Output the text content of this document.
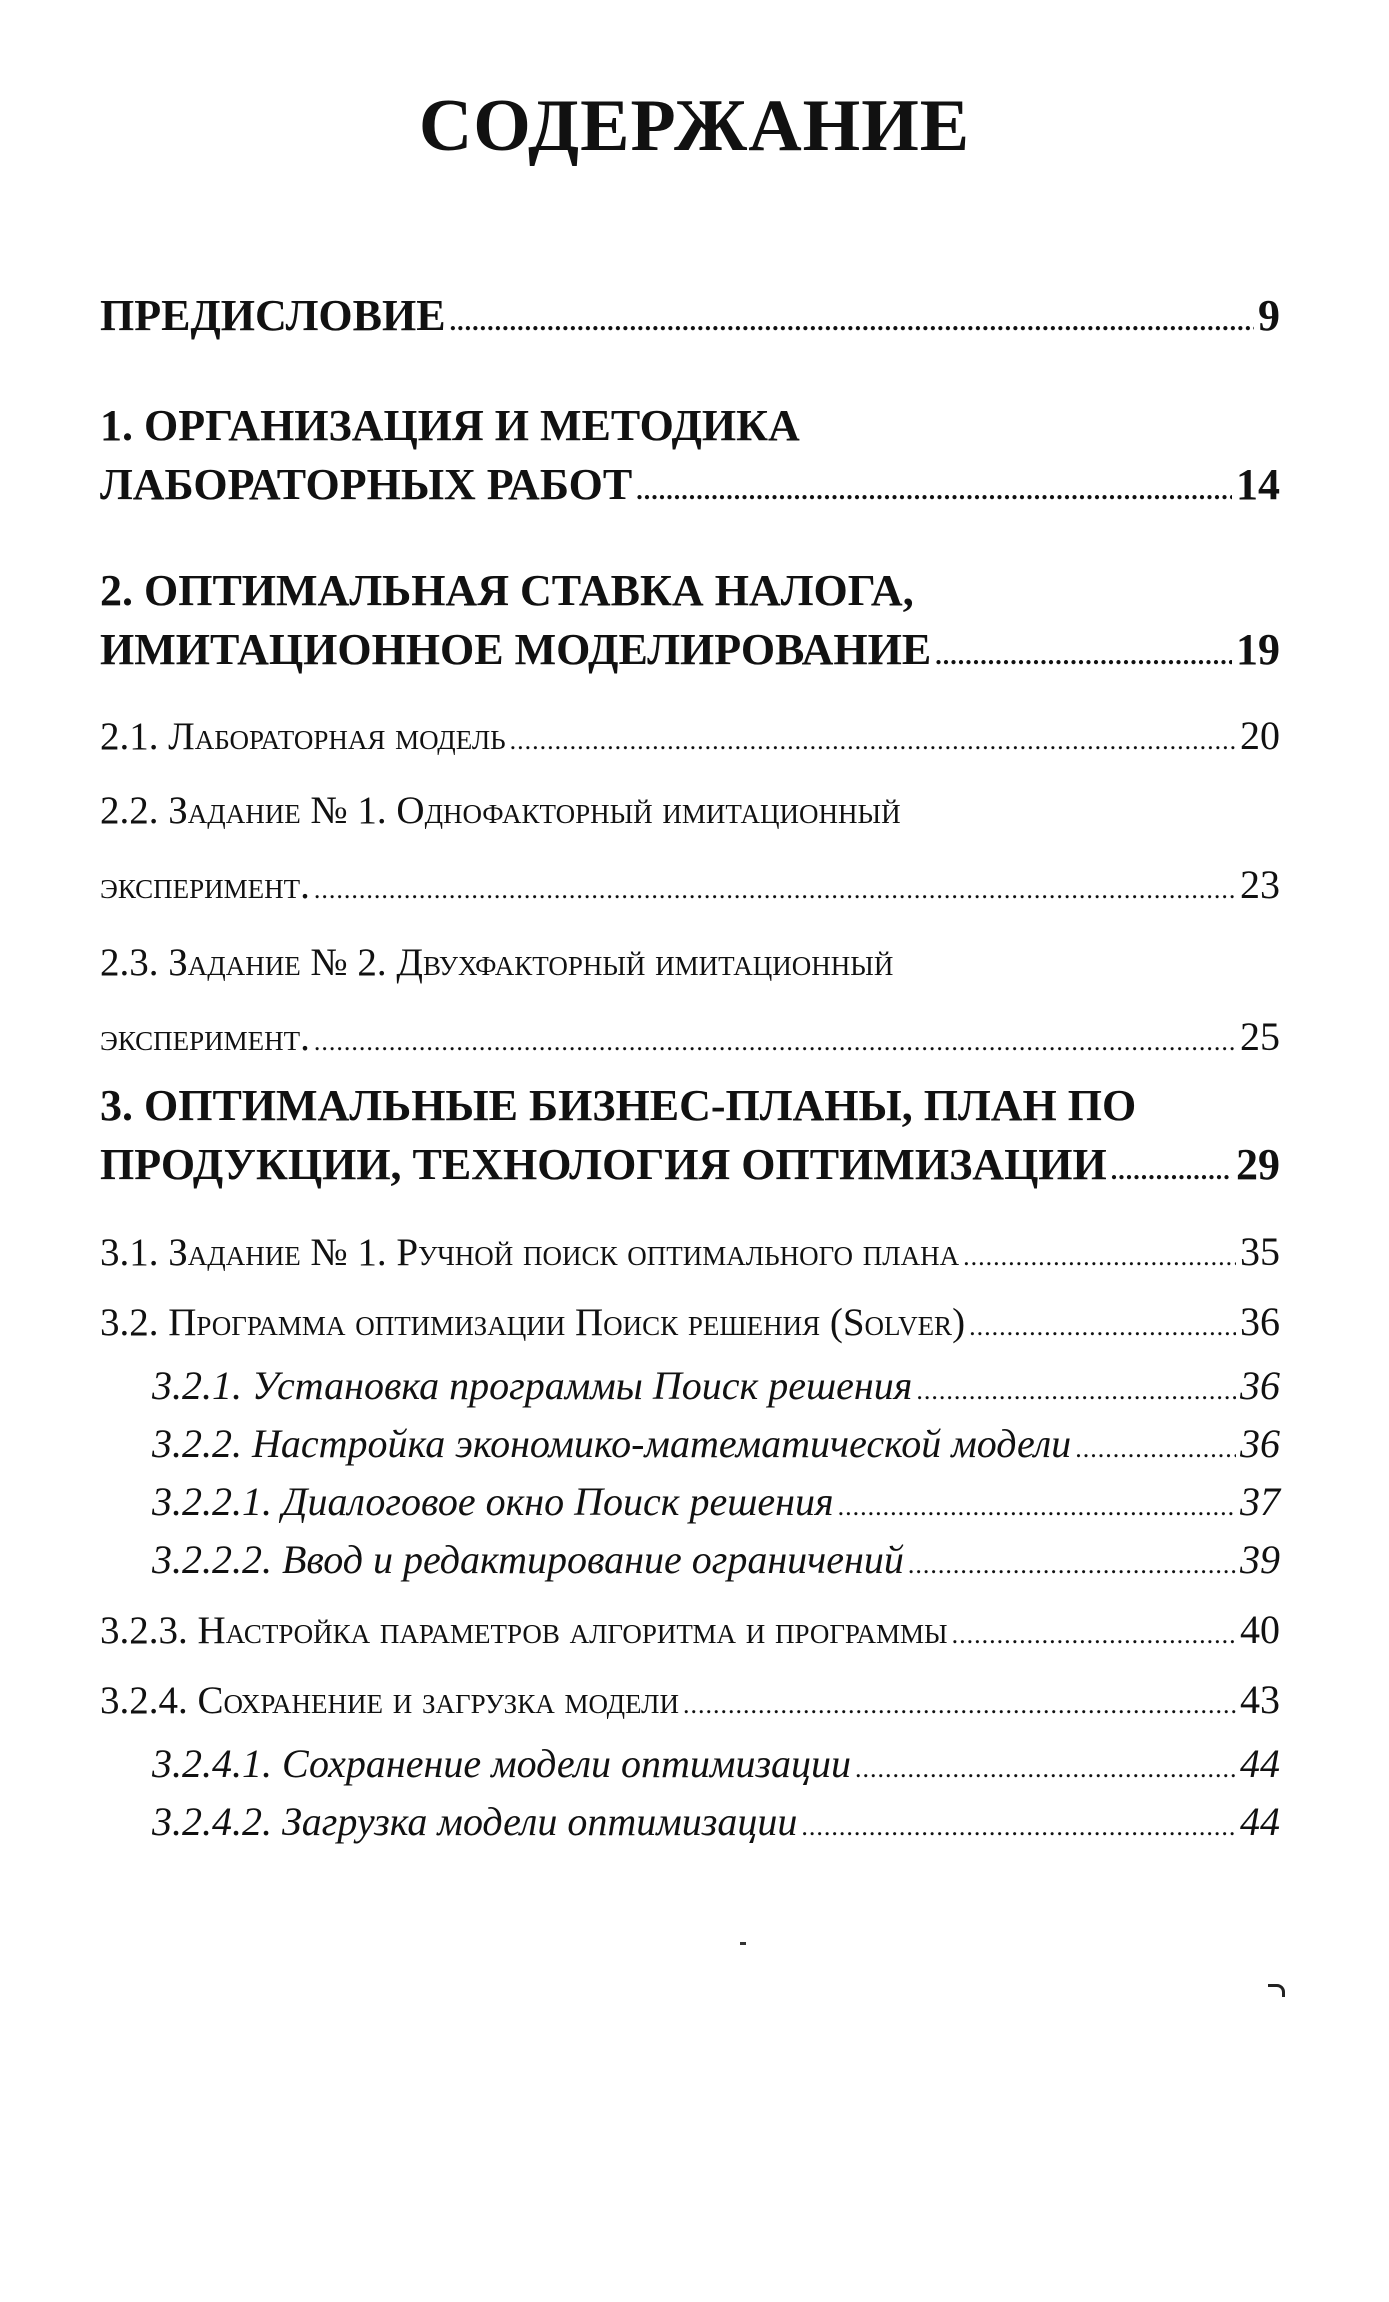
СОДЕРЖАНИЕ
ПРЕДИСЛОВИЕ .....	9
1. ОРГАНИЗАЦИЯ И МЕТОДИКА
ЛАБОРАТОРНЫХ РАБОТ .....	14
2. ОПТИМАЛЬНАЯ СТАВКА НАЛОГА,
ИМИТАЦИОННОЕ МОДЕЛИРОВАНИЕ .....	19
2.1. Лабораторная модель .....	20
2.2. Задание № 1. Однофакторный имитационный
эксперимент. .....	23
2.3. Задание № 2. Двухфакторный имитационный
эксперимент. .....	25
3. ОПТИМАЛЬНЫЕ БИЗНЕС-ПЛАНЫ, ПЛАН ПО
ПРОДУКЦИИ, ТЕХНОЛОГИЯ ОПТИМИЗАЦИИ .....	29
3.1. Задание № 1. Ручной поиск оптимального плана .....	35
3.2. Программа оптимизации Поиск решения (Solver) .....	36
3.2.1. Установка программы Поиск решения .....	36
3.2.2. Настройка экономико-математической модели .....	36
3.2.2.1. Диалоговое окно Поиск решения .....	37
3.2.2.2. Ввод и редактирование ограничений .....	39
3.2.3. Настройка параметров алгоритма и программы .....	40
3.2.4. Сохранение и загрузка модели .....	43
3.2.4.1. Сохранение модели оптимизации .....	44
3.2.4.2. Загрузка модели оптимизации .....	44
